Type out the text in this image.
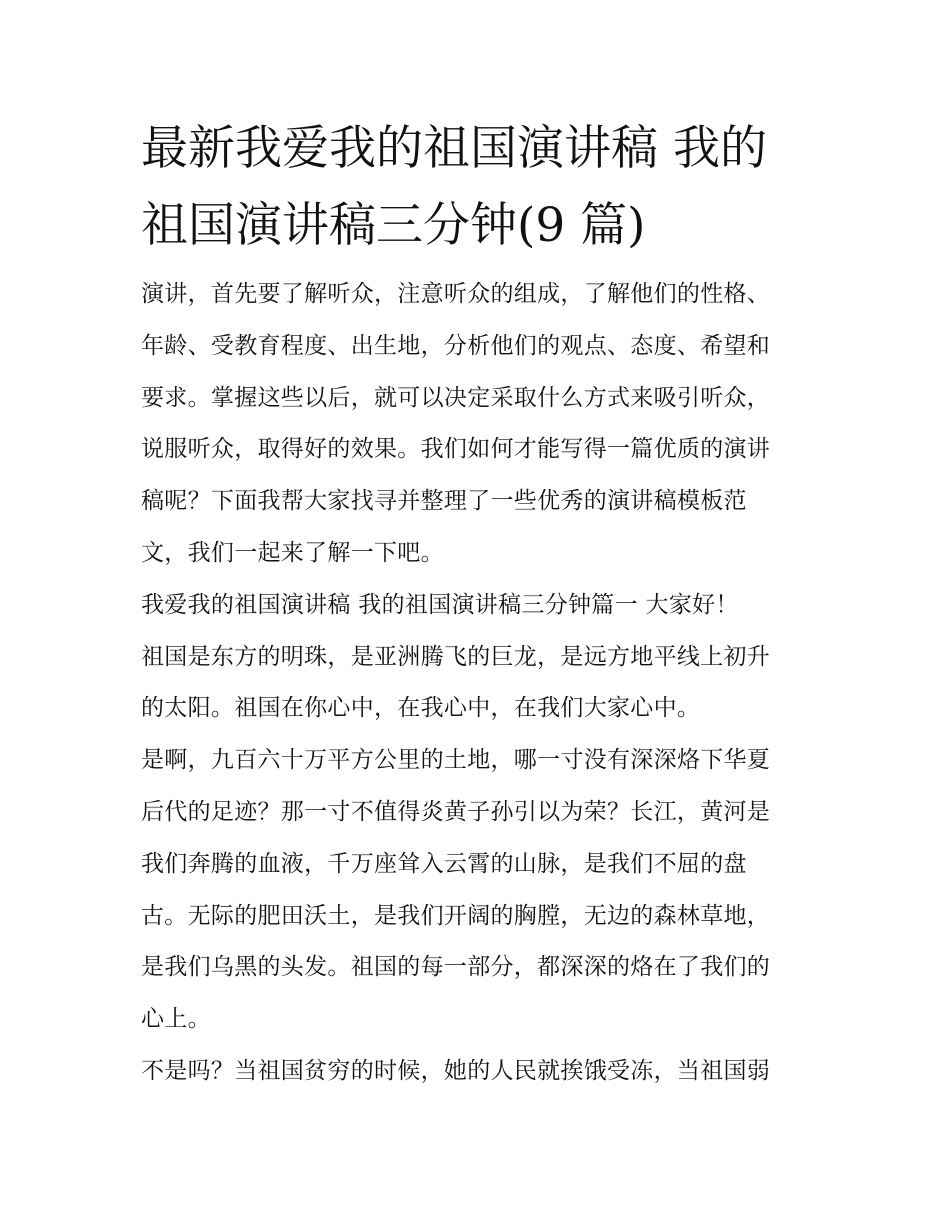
最新我爱我的祖国演讲稿 我的
祖国演讲稿三分钟(9 篇)
演讲，首先要了解听众，注意听众的组成，了解他们的性格、
年龄、受教育程度、出生地，分析他们的观点、态度、希望和
要求。掌握这些以后，就可以决定采取什么方式来吸引听众，
说服听众，取得好的效果。我们如何才能写得一篇优质的演讲
稿呢？下面我帮大家找寻并整理了一些优秀的演讲稿模板范
文，我们一起来了解一下吧。
我爱我的祖国演讲稿 我的祖国演讲稿三分钟篇一 大家好！
祖国是东方的明珠，是亚洲腾飞的巨龙，是远方地平线上初升
的太阳。祖国在你心中，在我心中，在我们大家心中。
是啊，九百六十万平方公里的土地，哪一寸没有深深烙下华夏
后代的足迹？那一寸不值得炎黄子孙引以为荣？长江，黄河是
我们奔腾的血液，千万座耸入云霄的山脉，是我们不屈的盘
古。无际的肥田沃土，是我们开阔的胸膛，无边的森林草地，
是我们乌黑的头发。祖国的每一部分，都深深的烙在了我们的
心上。
不是吗？当祖国贫穷的时候，她的人民就挨饿受冻，当祖国弱
